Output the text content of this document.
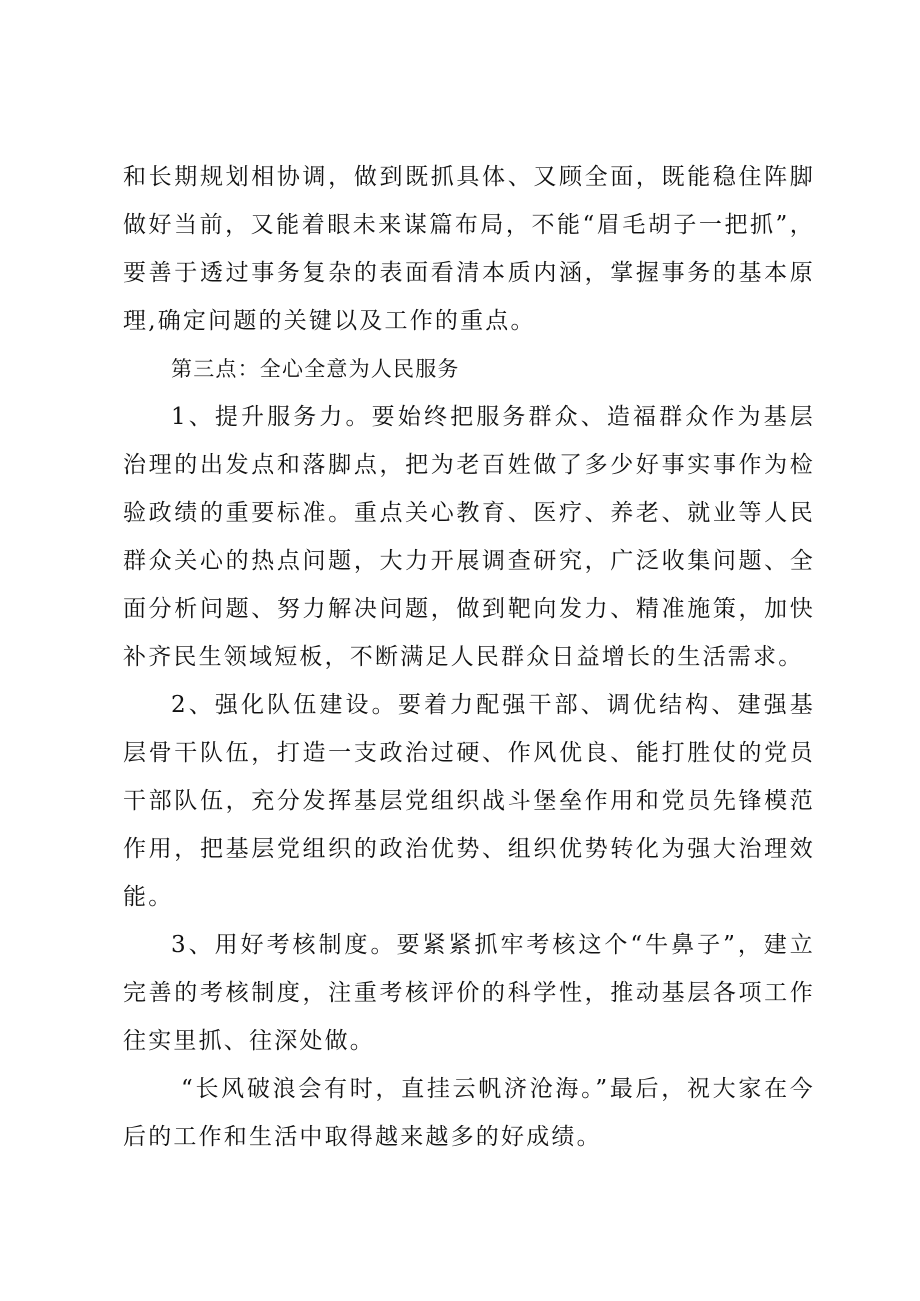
和长期规划相协调，做到既抓具体、又顾全面，既能稳住阵脚做好当前，又能着眼未来谋篇布局，不能“眉毛胡子一把抓”，要善于透过事务复杂的表面看清本质内涵，掌握事务的基本原理,确定问题的关键以及工作的重点。

第三点：全心全意为人民服务

1、提升服务力。要始终把服务群众、造福群众作为基层治理的出发点和落脚点，把为老百姓做了多少好事实事作为检验政绩的重要标准。重点关心教育、医疗、养老、就业等人民群众关心的热点问题，大力开展调查研究，广泛收集问题、全面分析问题、努力解决问题，做到靶向发力、精准施策，加快补齐民生领域短板，不断满足人民群众日益增长的生活需求。

2、强化队伍建设。要着力配强干部、调优结构、建强基层骨干队伍，打造一支政治过硬、作风优良、能打胜仗的党员干部队伍，充分发挥基层党组织战斗堡垒作用和党员先锋模范作用，把基层党组织的政治优势、组织优势转化为强大治理效能。

3、用好考核制度。要紧紧抓牢考核这个“牛鼻子”，建立完善的考核制度，注重考核评价的科学性，推动基层各项工作往实里抓、往深处做。

“长风破浪会有时，直挂云帆济沧海。”最后，祝大家在今后的工作和生活中取得越来越多的好成绩。
